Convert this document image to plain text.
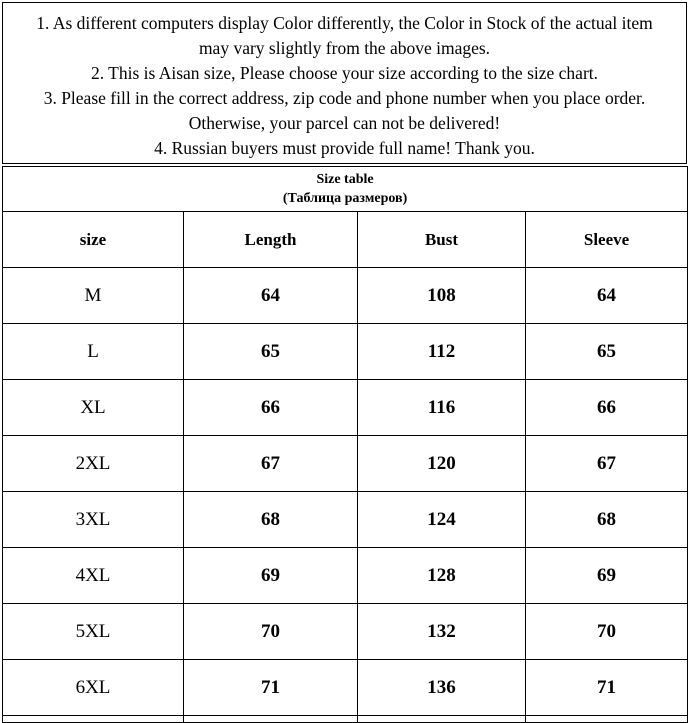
1. As different computers display Color differently, the Color in Stock of the actual item
may vary slightly from the above images.
2. This is Aisan size, Please choose your size according to the size chart.
3. Please fill in the correct address, zip code and phone number when you place order.
Otherwise, your parcel can not be delivered!
4. Russian buyers must provide full name! Thank you.
Size table
(Таблица размеров)			

size	Length	Bust	Sleeve
M	64	108	64
L	65	112	65
XL	66	116	66
2XL	67	120	67
3XL	68	124	68
4XL	69	128	69
5XL	70	132	70
6XL	71	136	71
